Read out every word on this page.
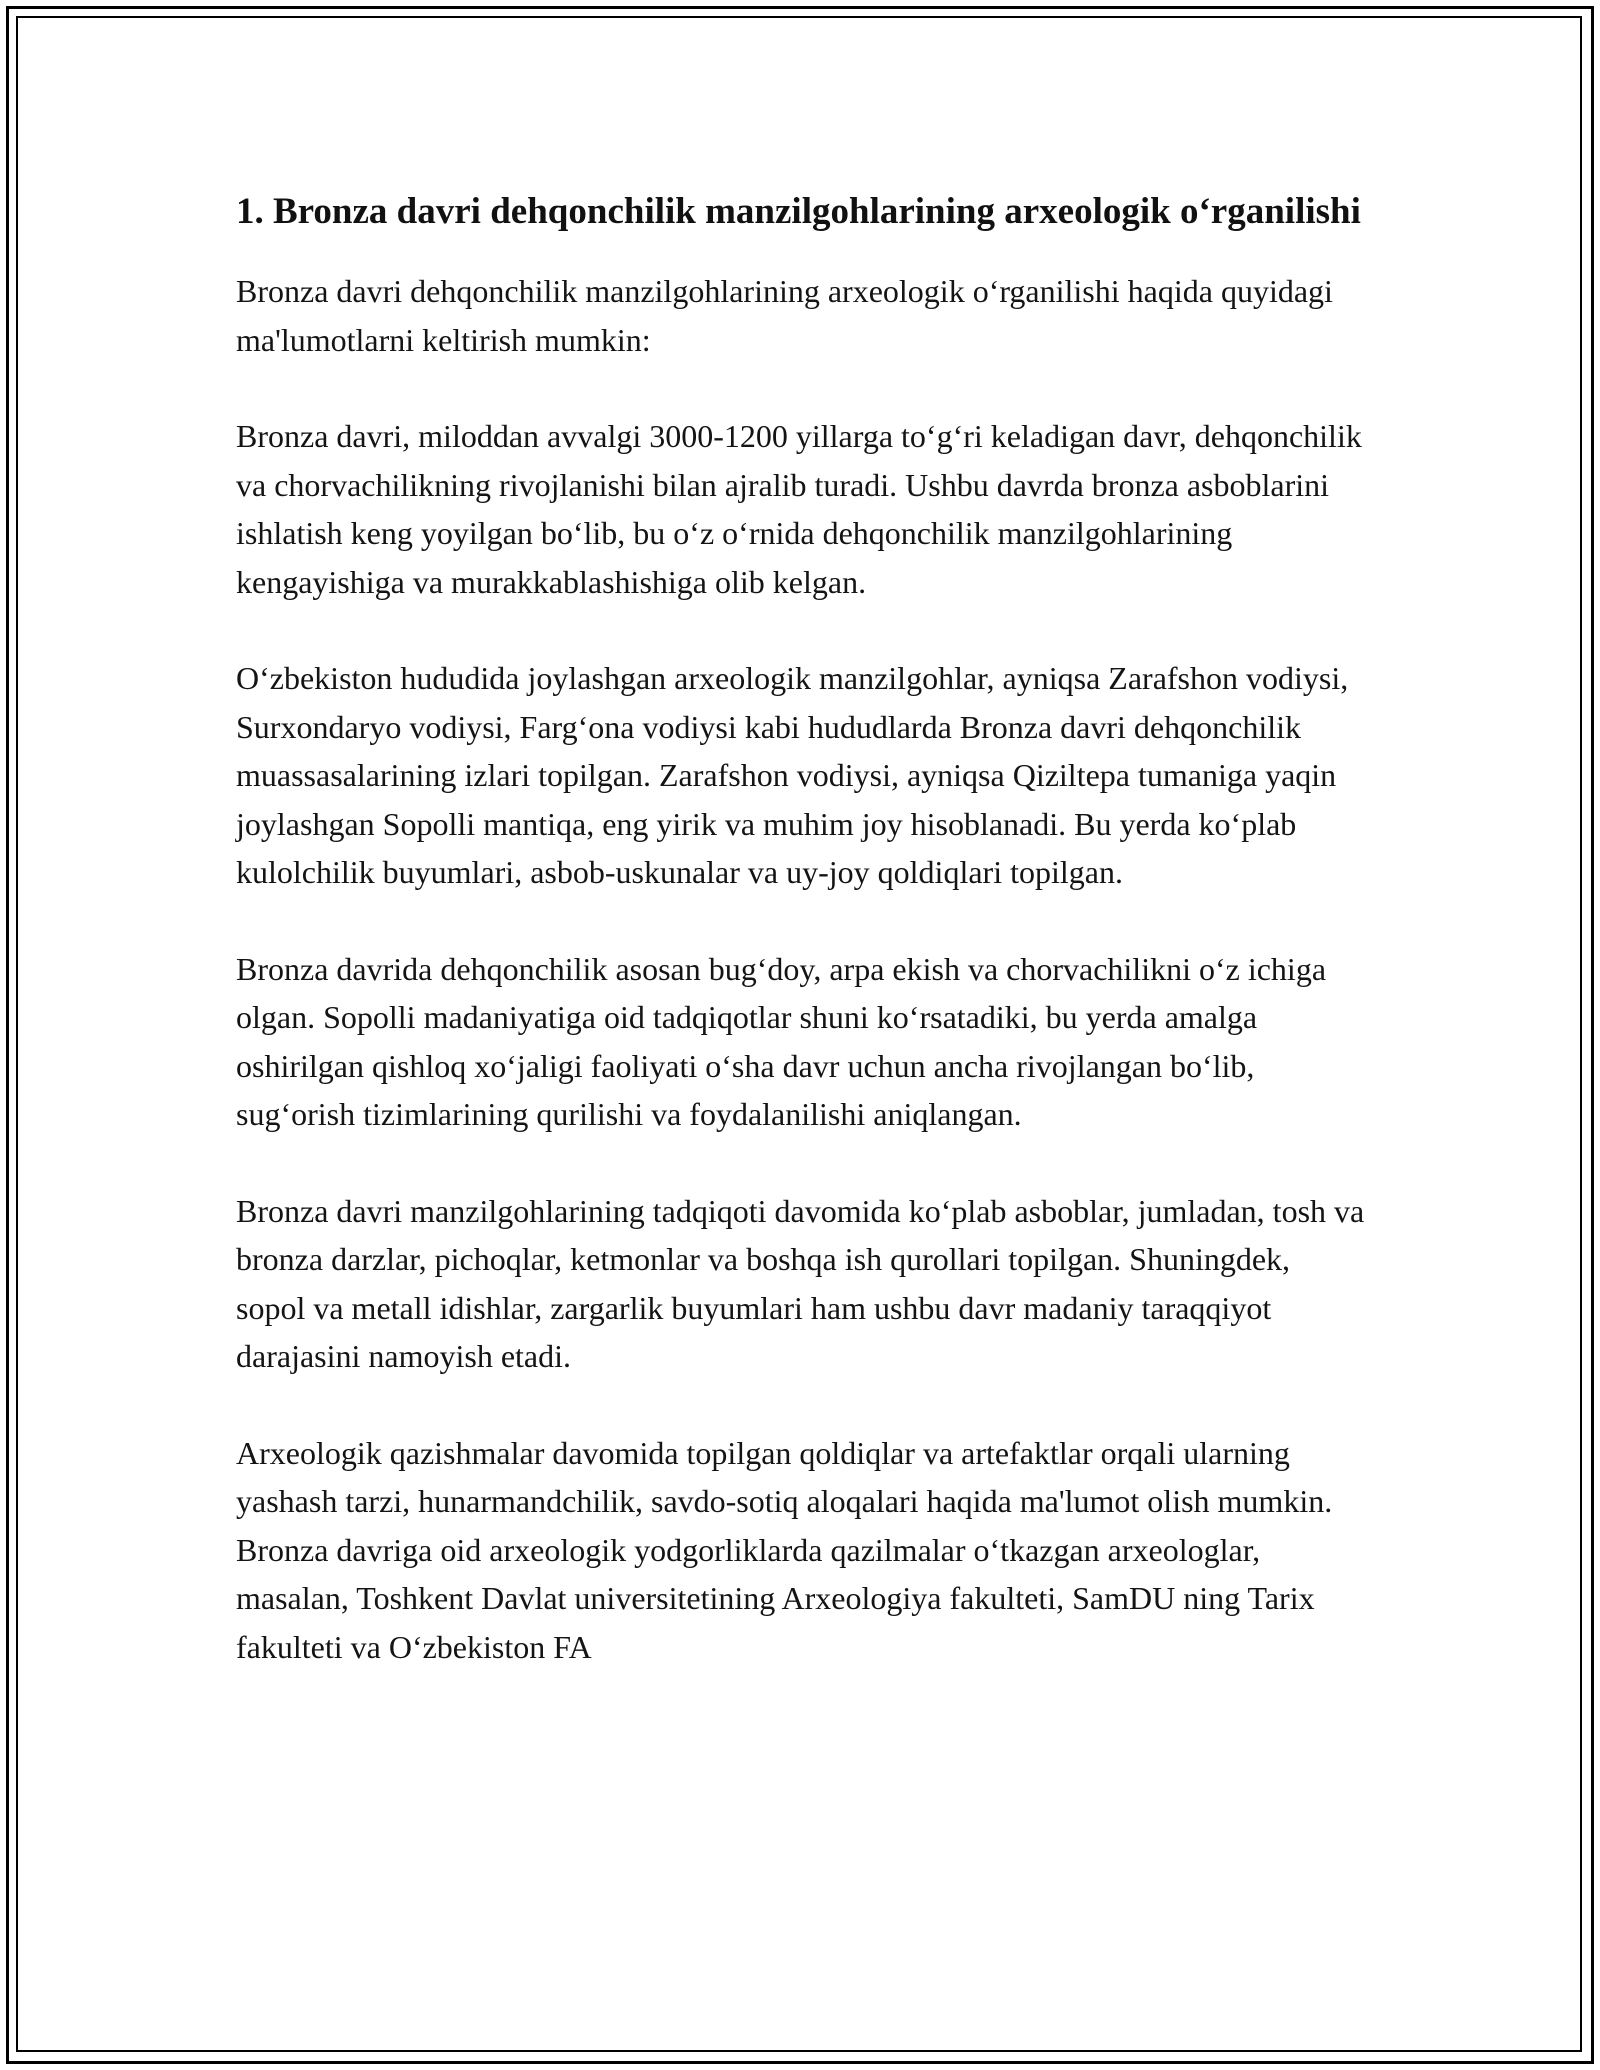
1. Bronza davri dehqonchilik manzilgohlarining arxeologik o‘rganilishi

Bronza davri dehqonchilik manzilgohlarining arxeologik o‘rganilishi haqida quyidagi ma'lumotlarni keltirish mumkin:

Bronza davri, miloddan avvalgi 3000-1200 yillarga to‘g‘ri keladigan davr, dehqonchilik va chorvachilikning rivojlanishi bilan ajralib turadi. Ushbu davrda bronza asboblarini ishlatish keng yoyilgan bo‘lib, bu o‘z o‘rnida dehqonchilik manzilgohlarining kengayishiga va murakkablashishiga olib kelgan.

O‘zbekiston hududida joylashgan arxeologik manzilgohlar, ayniqsa Zarafshon vodiysi, Surxondaryo vodiysi, Farg‘ona vodiysi kabi hududlarda Bronza davri dehqonchilik muassasalarining izlari topilgan. Zarafshon vodiysi, ayniqsa Qiziltepa tumaniga yaqin joylashgan Sopolli mantiqa, eng yirik va muhim joy hisoblanadi. Bu yerda ko‘plab kulolchilik buyumlari, asbob-uskunalar va uy-joy qoldiqlari topilgan.

Bronza davrida dehqonchilik asosan bug‘doy, arpa ekish va chorvachilikni o‘z ichiga olgan. Sopolli madaniyatiga oid tadqiqotlar shuni ko‘rsatadiki, bu yerda amalga oshirilgan qishloq xo‘jaligi faoliyati o‘sha davr uchun ancha rivojlangan bo‘lib, sug‘orish tizimlarining qurilishi va foydalanilishi aniqlangan.

Bronza davri manzilgohlarining tadqiqoti davomida ko‘plab asboblar, jumladan, tosh va bronza darzlar, pichoqlar, ketmonlar va boshqa ish qurollari topilgan. Shuningdek, sopol va metall idishlar, zargarlik buyumlari ham ushbu davr madaniy taraqqiyot darajasini namoyish etadi.

Arxeologik qazishmalar davomida topilgan qoldiqlar va artefaktlar orqali ularning yashash tarzi, hunarmandchilik, savdo-sotiq aloqalari haqida ma'lumot olish mumkin. Bronza davriga oid arxeologik yodgorliklarda qazilmalar o‘tkazgan arxeologlar, masalan, Toshkent Davlat universitetining Arxeologiya fakulteti, SamDU ning Tarix fakulteti va O‘zbekiston FA
